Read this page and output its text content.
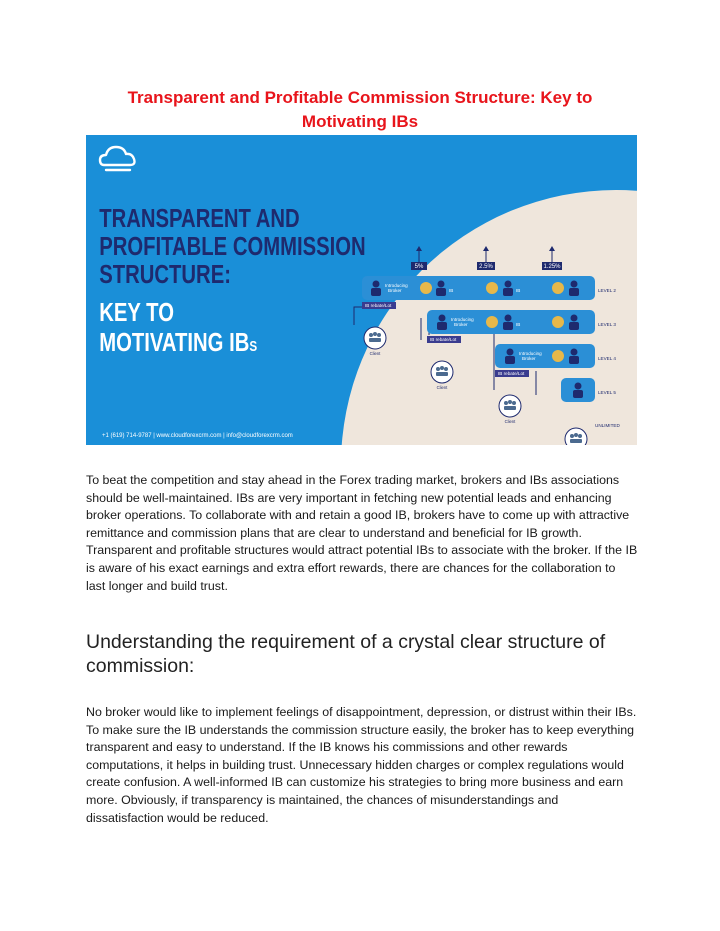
Transparent and Profitable Commission Structure: Key to Motivating IBs
TRANSPARENT AND
PROFITABLE COMMISSION
STRUCTURE:
KEY TO
MOTIVATING IBS
+1 (619) 714-9787 | www.cloudforexcrm.com | info@cloudforexcrm.com
5%	2.5%	1.25%
Introducing
Broker
Introducing
Broker
Introducing
Broker
IB	IB
IB
LEVEL 2
LEVEL 3
LEVEL 4
LEVEL 5
UNLIMITED
IB rebate/Lot
IB rebate/Lot
IB rebate/Lot
Client
Client
Client

To beat the competition and stay ahead in the Forex trading market, brokers and IBs associations should be well-maintained. IBs are very important in fetching new potential leads and enhancing broker operations. To collaborate with and retain a good IB, brokers have to come up with attractive remittance and commission plans that are clear to understand and beneficial for IB growth. Transparent and profitable structures would attract potential IBs to associate with the broker. If the IB is aware of his exact earnings and extra effort rewards, there are chances for the collaboration to last longer and build trust.

Understanding the requirement of a crystal clear structure of commission:

No broker would like to implement feelings of disappointment, depression, or distrust within their IBs. To make sure the IB understands the commission structure easily, the broker has to keep everything transparent and easy to understand. If the IB knows his commissions and other rewards computations, it helps in building trust. Unnecessary hidden charges or complex regulations would create confusion. A well-informed IB can customize his strategies to bring more business and earn more. Obviously, if transparency is maintained, the chances of misunderstandings and dissatisfaction would be reduced.
